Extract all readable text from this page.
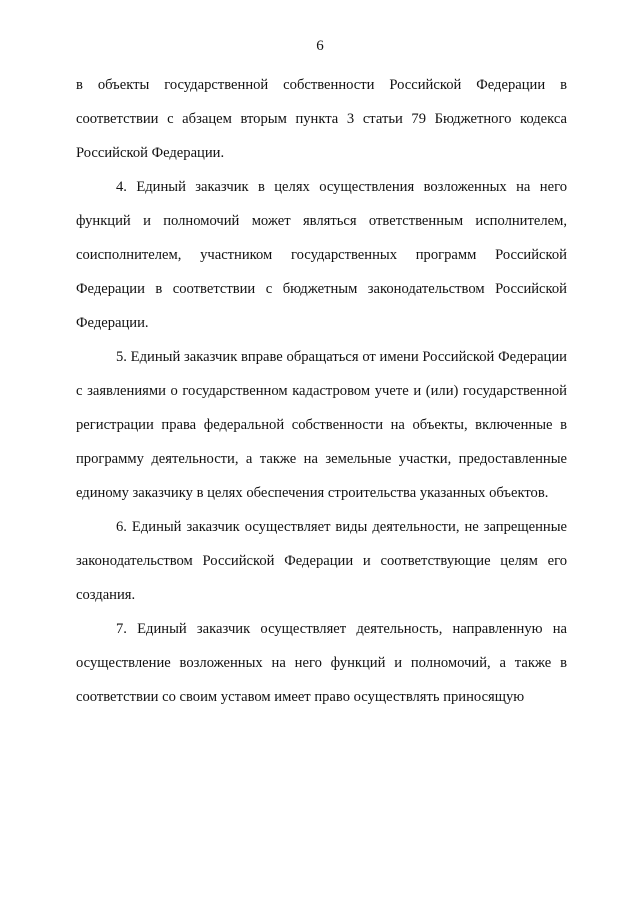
6

в объекты государственной собственности Российской Федерации в соответствии с абзацем вторым пункта 3 статьи 79 Бюджетного кодекса Российской Федерации.

4. Единый заказчик в целях осуществления возложенных на него функций и полномочий может являться ответственным исполнителем, соисполнителем, участником государственных программ Российской Федерации в соответствии с бюджетным законодательством Российской Федерации.

5. Единый заказчик вправе обращаться от имени Российской Федерации с заявлениями о государственном кадастровом учете и (или) государственной регистрации права федеральной собственности на объекты, включенные в программу деятельности, а также на земельные участки, предоставленные единому заказчику в целях обеспечения строительства указанных объектов.

6. Единый заказчик осуществляет виды деятельности, не запрещенные законодательством Российской Федерации и соответствующие целям его создания.

7. Единый заказчик осуществляет деятельность, направленную на осуществление возложенных на него функций и полномочий, а также в соответствии со своим уставом имеет право осуществлять приносящую
